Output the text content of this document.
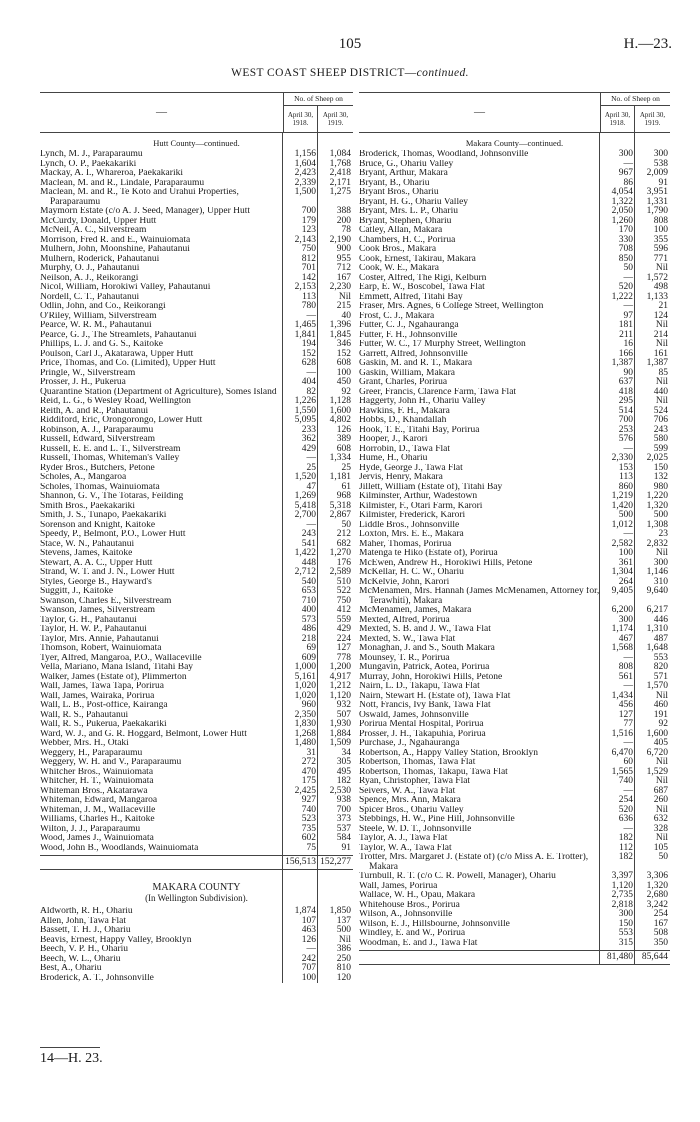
105	H.—23.
WEST COAST SHEEP DISTRICT—continued.
—
No. of Sheep on
April 30, 1918.
April 30, 1919.
Hutt County—continued.
Lynch, M. J., Paraparaumu	1,156	1,084
Lynch, O. P., Paekakariki	1,604	1,768
Mackay, A. I., Whareroa, Paekakariki	2,423	2,418
Maclean, M. and R., Lindale, Paraparaumu	2,339	2,171
Maclean, M. and R., Te Koto and Urahui Properties, Paraparaumu
1,500	1,275
Maymorn Estate (c/o A. J. Seed, Manager), Upper Hutt	700	388
McCurdy, Donald, Upper Hutt	179	200
McNeil, A. C., Silverstream	123	78
Morrison, Fred R. and E., Wainuiomata	2,143	2,190
Mulhern, John, Moonshine, Pahautanui	750	900
Mulhern, Roderick, Pahautanui	812	955
Murphy, O. J., Pahautanui	701	712
Neilson, A. J., Reikorangi	142	167
Nicol, William, Horokiwi Valley, Pahautanui	2,153	2,230
Nordell, C. T., Pahautanui	113	Nil
Odlin, John, and Co., Reikorangi	780	215
O'Riley, William, Silverstream	—	40
Pearce, W. R. M., Pahautanui	1,465	1,396
Pearce, G. J., The Streamlets, Pahautanui	1,841	1,845
Phillips, L. J. and G. S., Kaitoke	194	346
Poulson, Carl J., Akatarawa, Upper Hutt	152	152
Price, Thomas, and Co. (Limited), Upper Hutt	628	608
Pringle, W., Silverstream	—	100
Prosser, J. H., Pukerua	404	450
Quarantine Station (Department of Agriculture), Somes Island	82	92
Reid, L. G., 6 Wesley Road, Wellington	1,226	1,128
Reith, A. and R., Pahautanui	1,550	1,600
Riddiford, Eric, Orongorongo, Lower Hutt	5,095	4,802
Robinson, A. J., Paraparaumu	233	126
Russell, Edward, Silverstream	362	389
Russell, E. E. and L. T., Silverstream	429	608
Russell, Thomas, Whiteman's Valley	—	1,334
Ryder Bros., Butchers, Petone	25	25
Scholes, A., Mangaroa	1,520	1,181
Scholes, Thomas, Wainuiomata	47	61
Shannon, G. V., The Totaras, Feilding	1,269	968
Smith Bros., Paekakariki	5,418	5,318
Smith, J. S., Tunapo, Paekakariki	2,700	2,867
Sorenson and Knight, Kaitoke	—	50
Speedy, P., Belmont, P.O., Lower Hutt	243	212
Stace, W. N., Pahautanui	541	682
Stevens, James, Kaitoke	1,422	1,270
Stewart, A. A. C., Upper Hutt	448	176
Strand, W. T. and J. N., Lower Hutt	2,712	2,589
Styles, George B., Hayward's	540	510
Suggitt, J., Kaitoke	653	522
Swanson, Charles E., Silverstream	710	750
Swanson, James, Silverstream	400	412
Taylor, G. H., Pahautanui	573	559
Taylor, H. W. P., Pahautanui	486	429
Taylor, Mrs. Annie, Pahautanui	218	224
Thomson, Robert, Wainuiomata	69	127
Tyer, Alfred, Mangaroa, P.O., Wallaceville	609	778
Vella, Mariano, Mana Island, Titahi Bay	1,000	1,200
Walker, James (Estate of), Plimmerton	5,161	4,917
Wall, James, Tawa Tapa, Porirua	1,020	1,212
Wall, James, Wairaka, Porirua	1,020	1,120
Wall, L. B., Post-office, Kairanga	960	932
Wall, R. S., Pahautanui	2,350	507
Wall, R. S., Pukerua, Paekakariki	1,830	1,930
Ward, W. J., and G. R. Hoggard, Belmont, Lower Hutt	1,268	1,884
Webber, Mrs. H., Otaki	1,480	1,509
Weggery, H., Paraparaumu	31	34
Weggery, W. H. and V., Paraparaumu	272	305
Whitcher Bros., Wainuiomata	470	495
Whitcher, H. T., Wainuiomata	175	182
Whiteman Bros., Akatarawa	2,425	2,530
Whiteman, Edward, Mangaroa	927	938
Whiteman, J. M., Wallaceville	740	700
Williams, Charles H., Kaitoke	523	373
Wilton, J. J., Paraparaumu	735	537
Wood, James J., Wainuiomata	602	584
Wood, John B., Woodlands, Wainuiomata	75	91
156,513 152,277
MAKARA COUNTY
(In Wellington Subdivision).
Aldworth, R. H., Ohariu	1,874	1,850
Allen, John, Tawa Flat	107	137
Bassett, T. H. J., Ohariu	463	500
Beavis, Ernest, Happy Valley, Brooklyn	126	Nil
Beech, V. P. H., Ohariu	—	386
Beech, W. L., Ohariu	242	250
Best, A., Ohariu	707	810
Broderick, A. T., Johnsonville	100	120
—
No. of Sheep on
April 30, 1918.
April 30, 1919.
Makara County—continued.
Broderick, Thomas, Woodland, Johnsonville	300	300
Bruce, G., Ohariu Valley	—	538
Bryant, Arthur, Makara	967	2,009
Bryant, B., Ohariu	86	91
Bryant Bros., Ohariu	4,054	3,951
Bryant, H. G., Ohariu Valley	1,322	1,331
Bryant, Mrs. L. P., Ohariu	2,050	1,790
Bryant, Stephen, Ohariu	1,260	808
Catley, Allan, Makara	170	100
Chambers, H. C., Porirua	330	355
Cook Bros., Makara	708	596
Cook, Ernest, Takirau, Makara	850	771
Cook, W. E., Makara	50	Nil
Coster, Alfred, The Rigi, Kelburn	—	1,572
Earp, E. W., Boscobel, Tawa Flat	520	498
Emmett, Alfred, Titahi Bay	1,222	1,133
Fraser, Mrs. Agnes, 6 College Street, Wellington	—	21
Frost, C. J., Makara	97	124
Futter, C. J., Ngahauranga	181	Nil
Futter, F. H., Johnsonville	211	214
Futter, W. C., 17 Murphy Street, Wellington	16	Nil
Garrett, Alfred, Johnsonville	166	161
Gaskin, M. and R. T., Makara	1,387	1,387
Gaskin, William, Makara	90	85
Grant, Charles, Porirua	637	Nil
Greer, Francis, Clarence Farm, Tawa Flat	418	440
Haggerty, John H., Ohariu Valley	295	Nil
Hawkins, F. H., Makara	514	524
Hobbs, D., Khandallah	700	706
Hook, T. E., Titahi Bay, Porirua	253	243
Hooper, J., Karori	576	580
Horrobin, D., Tawa Flat	—	599
Hume, H., Ohariu	2,330	2,025
Hyde, George J., Tawa Flat	153	150
Jervis, Henry, Makara	113	132
Jillett, William (Estate of), Titahi Bay	860	980
Kilminster, Arthur, Wadestown	1,219	1,220
Kilmister, F., Otari Farm, Karori	1,420	1,320
Kilmister, Frederick, Karori	500	500
Liddle Bros., Johnsonville	1,012	1,308
Loxton, Mrs. E. E., Makara	—	23
Maher, Thomas, Porirua	2,582	2,832
Matenga te Hiko (Estate of), Porirua	100	Nil
McEwen, Andrew H., Horokiwi Hills, Petone	361	300
McKellar, H. C. W., Ohariu	1,304	1,146
McKelvie, John, Karori	264	310
McMenamen, Mrs. Hannah (James McMenamen, Attorney for, Terawhiti), Makara
9,405	9,640
McMenamen, James, Makara	6,200	6,217
Mexted, Alfred, Porirua	300	446
Mexted, S. B. and J. W., Tawa Flat	1,174	1,310
Mexted, S. W., Tawa Flat	467	487
Monaghan, J. and S., South Makara	1,568	1,648
Mounsey, T. R., Porirua	—	553
Mungavin, Patrick, Aotea, Porirua	808	820
Murray, John, Horokiwi Hills, Petone	561	571
Nairn, L. D., Takapu, Tawa Flat	—	1,570
Nairn, Stewart H. (Estate of), Tawa Flat	1,434	Nil
Nott, Francis, Ivy Bank, Tawa Flat	456	460
Oswald, James, Johnsonville	127	191
Porirua Mental Hospital, Porirua	77	92
Prosser, J. H., Takapuhia, Porirua	1,516	1,600
Purchase, J., Ngahauranga	—	405
Robertson, A., Happy Valley Station, Brooklyn	6,470	6,720
Robertson, Thomas, Tawa Flat	60	Nil
Robertson, Thomas, Takapu, Tawa Flat	1,565	1,529
Ryan, Christopher, Tawa Flat	740	Nil
Seivers, W. A., Tawa Flat	—	687
Spence, Mrs. Ann, Makara	254	260
Spicer Bros., Ohariu Valley	520	Nil
Stebbings, H. W., Pine Hill, Johnsonville	636	632
Steele, W. D. T., Johnsonville	—	328
Taylor, A. J., Tawa Flat	182	Nil
Taylor, W. A., Tawa Flat	112	105
Trotter, Mrs. Margaret J. (Estate of) (c/o Miss A. E. Trotter), Makara
182	50
Turnbull, R. T. (c/o C. R. Powell, Manager), Ohariu	3,397	3,306
Wall, James, Porirua	1,120	1,320
Wallace, W. H., Opau, Makara	2,735	2,680
Whitehouse Bros., Porirua	2,818	3,242
Wilson, A., Johnsonville	300	254
Wilson, E. J., Hillsbourne, Johnsonville	150	167
Windley, E. and W., Porirua	553	508
Woodman, E. and J., Tawa Flat	315	350
81,480 85,644
14—H. 23.
